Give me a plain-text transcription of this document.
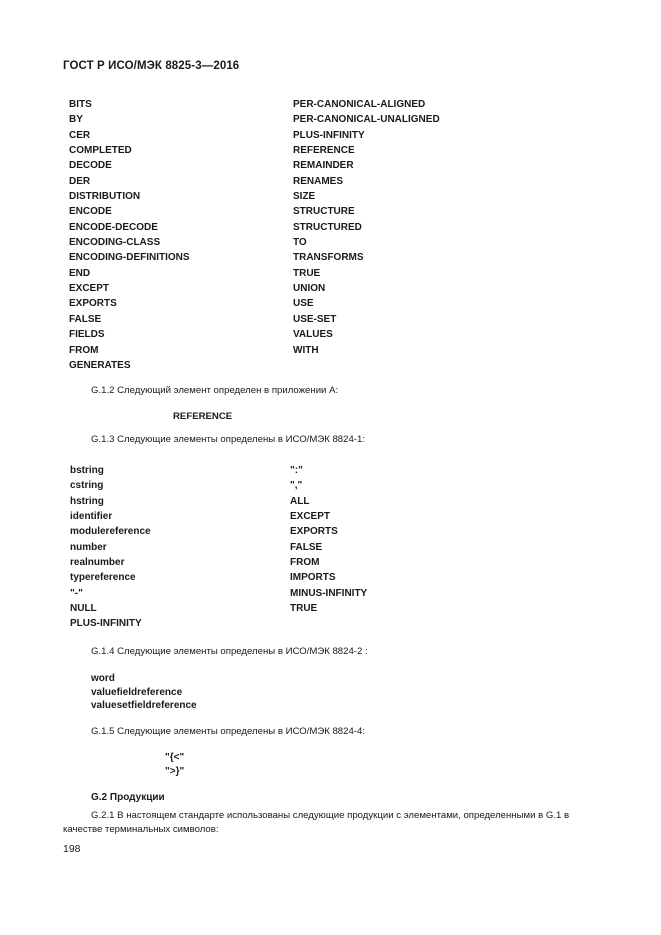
ГОСТ Р ИСО/МЭК 8825-3—2016
BITS
BY
CER
COMPLETED
DECODE
DER
DISTRIBUTION
ENCODE
ENCODE-DECODE
ENCODING-CLASS
ENCODING-DEFINITIONS
END
EXCEPT
EXPORTS
FALSE
FIELDS
FROM
GENERATES
PER-CANONICAL-ALIGNED
PER-CANONICAL-UNALIGNED
PLUS-INFINITY
REFERENCE
REMAINDER
RENAMES
SIZE
STRUCTURE
STRUCTURED
TO
TRANSFORMS
TRUE
UNION
USE
USE-SET
VALUES
WITH
G.1.2 Следующий элемент определен в приложении А:
REFERENCE
G.1.3 Следующие элементы определены в ИСО/МЭК 8824-1:
bstring
cstring
hstring
identifier
modulereference
number
realnumber
typereference
"-"
NULL
PLUS-INFINITY
":"
","
ALL
EXCEPT
EXPORTS
FALSE
FROM
IMPORTS
MINUS-INFINITY
TRUE
G.1.4 Следующие элементы определены в ИСО/МЭК 8824-2 :
word
valuefieldreference
valuesetfieldreference
G.1.5 Следующие элементы определены в ИСО/МЭК 8824-4:
"{<"
">}"
G.2 Продукции
G.2.1 В настоящем стандарте использованы следующие продукции с элементами, определенными в G.1 в
качестве терминальных символов:
198
